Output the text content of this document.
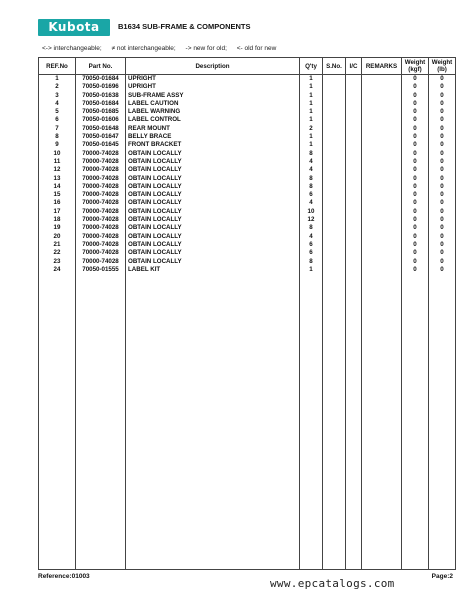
Kubota	B1634 SUB-FRAME & COMPONENTS
<-> interchangeable; ≠ not interchangeable; -> new for old; <- old for new
REF.No	Part No.	Description	Q'ty	S.No.	I/C	REMARKS	Weight (kgf)	Weight (lb)
1	70050-01684	UPRIGHT	1				0	0
2	70050-01696	UPRIGHT	1				0	0
3	70050-01638	SUB-FRAME ASSY	1				0	0
4	70050-01684	LABEL CAUTION	1				0	0
5	70050-01685	LABEL WARNING	1				0	0
6	70050-01606	LABEL CONTROL	1				0	0
7	70050-01648	REAR MOUNT	2				0	0
8	70050-01647	BELLY BRACE	1				0	0
9	70050-01645	FRONT BRACKET	1				0	0
10	70000-74028	OBTAIN LOCALLY	8				0	0
11	70000-74028	OBTAIN LOCALLY	4				0	0
12	70000-74028	OBTAIN LOCALLY	4				0	0
13	70000-74028	OBTAIN LOCALLY	8				0	0
14	70000-74028	OBTAIN LOCALLY	8				0	0
15	70000-74028	OBTAIN LOCALLY	6				0	0
16	70000-74028	OBTAIN LOCALLY	4				0	0
17	70000-74028	OBTAIN LOCALLY	10				0	0
18	70000-74028	OBTAIN LOCALLY	12				0	0
19	70000-74028	OBTAIN LOCALLY	8				0	0
20	70000-74028	OBTAIN LOCALLY	4				0	0
21	70000-74028	OBTAIN LOCALLY	6				0	0
22	70000-74028	OBTAIN LOCALLY	6				0	0
23	70000-74028	OBTAIN LOCALLY	8				0	0
24	70050-01555	LABEL KIT	1				0	0

Reference:01003
www.epcatalogs.com
Page:2
